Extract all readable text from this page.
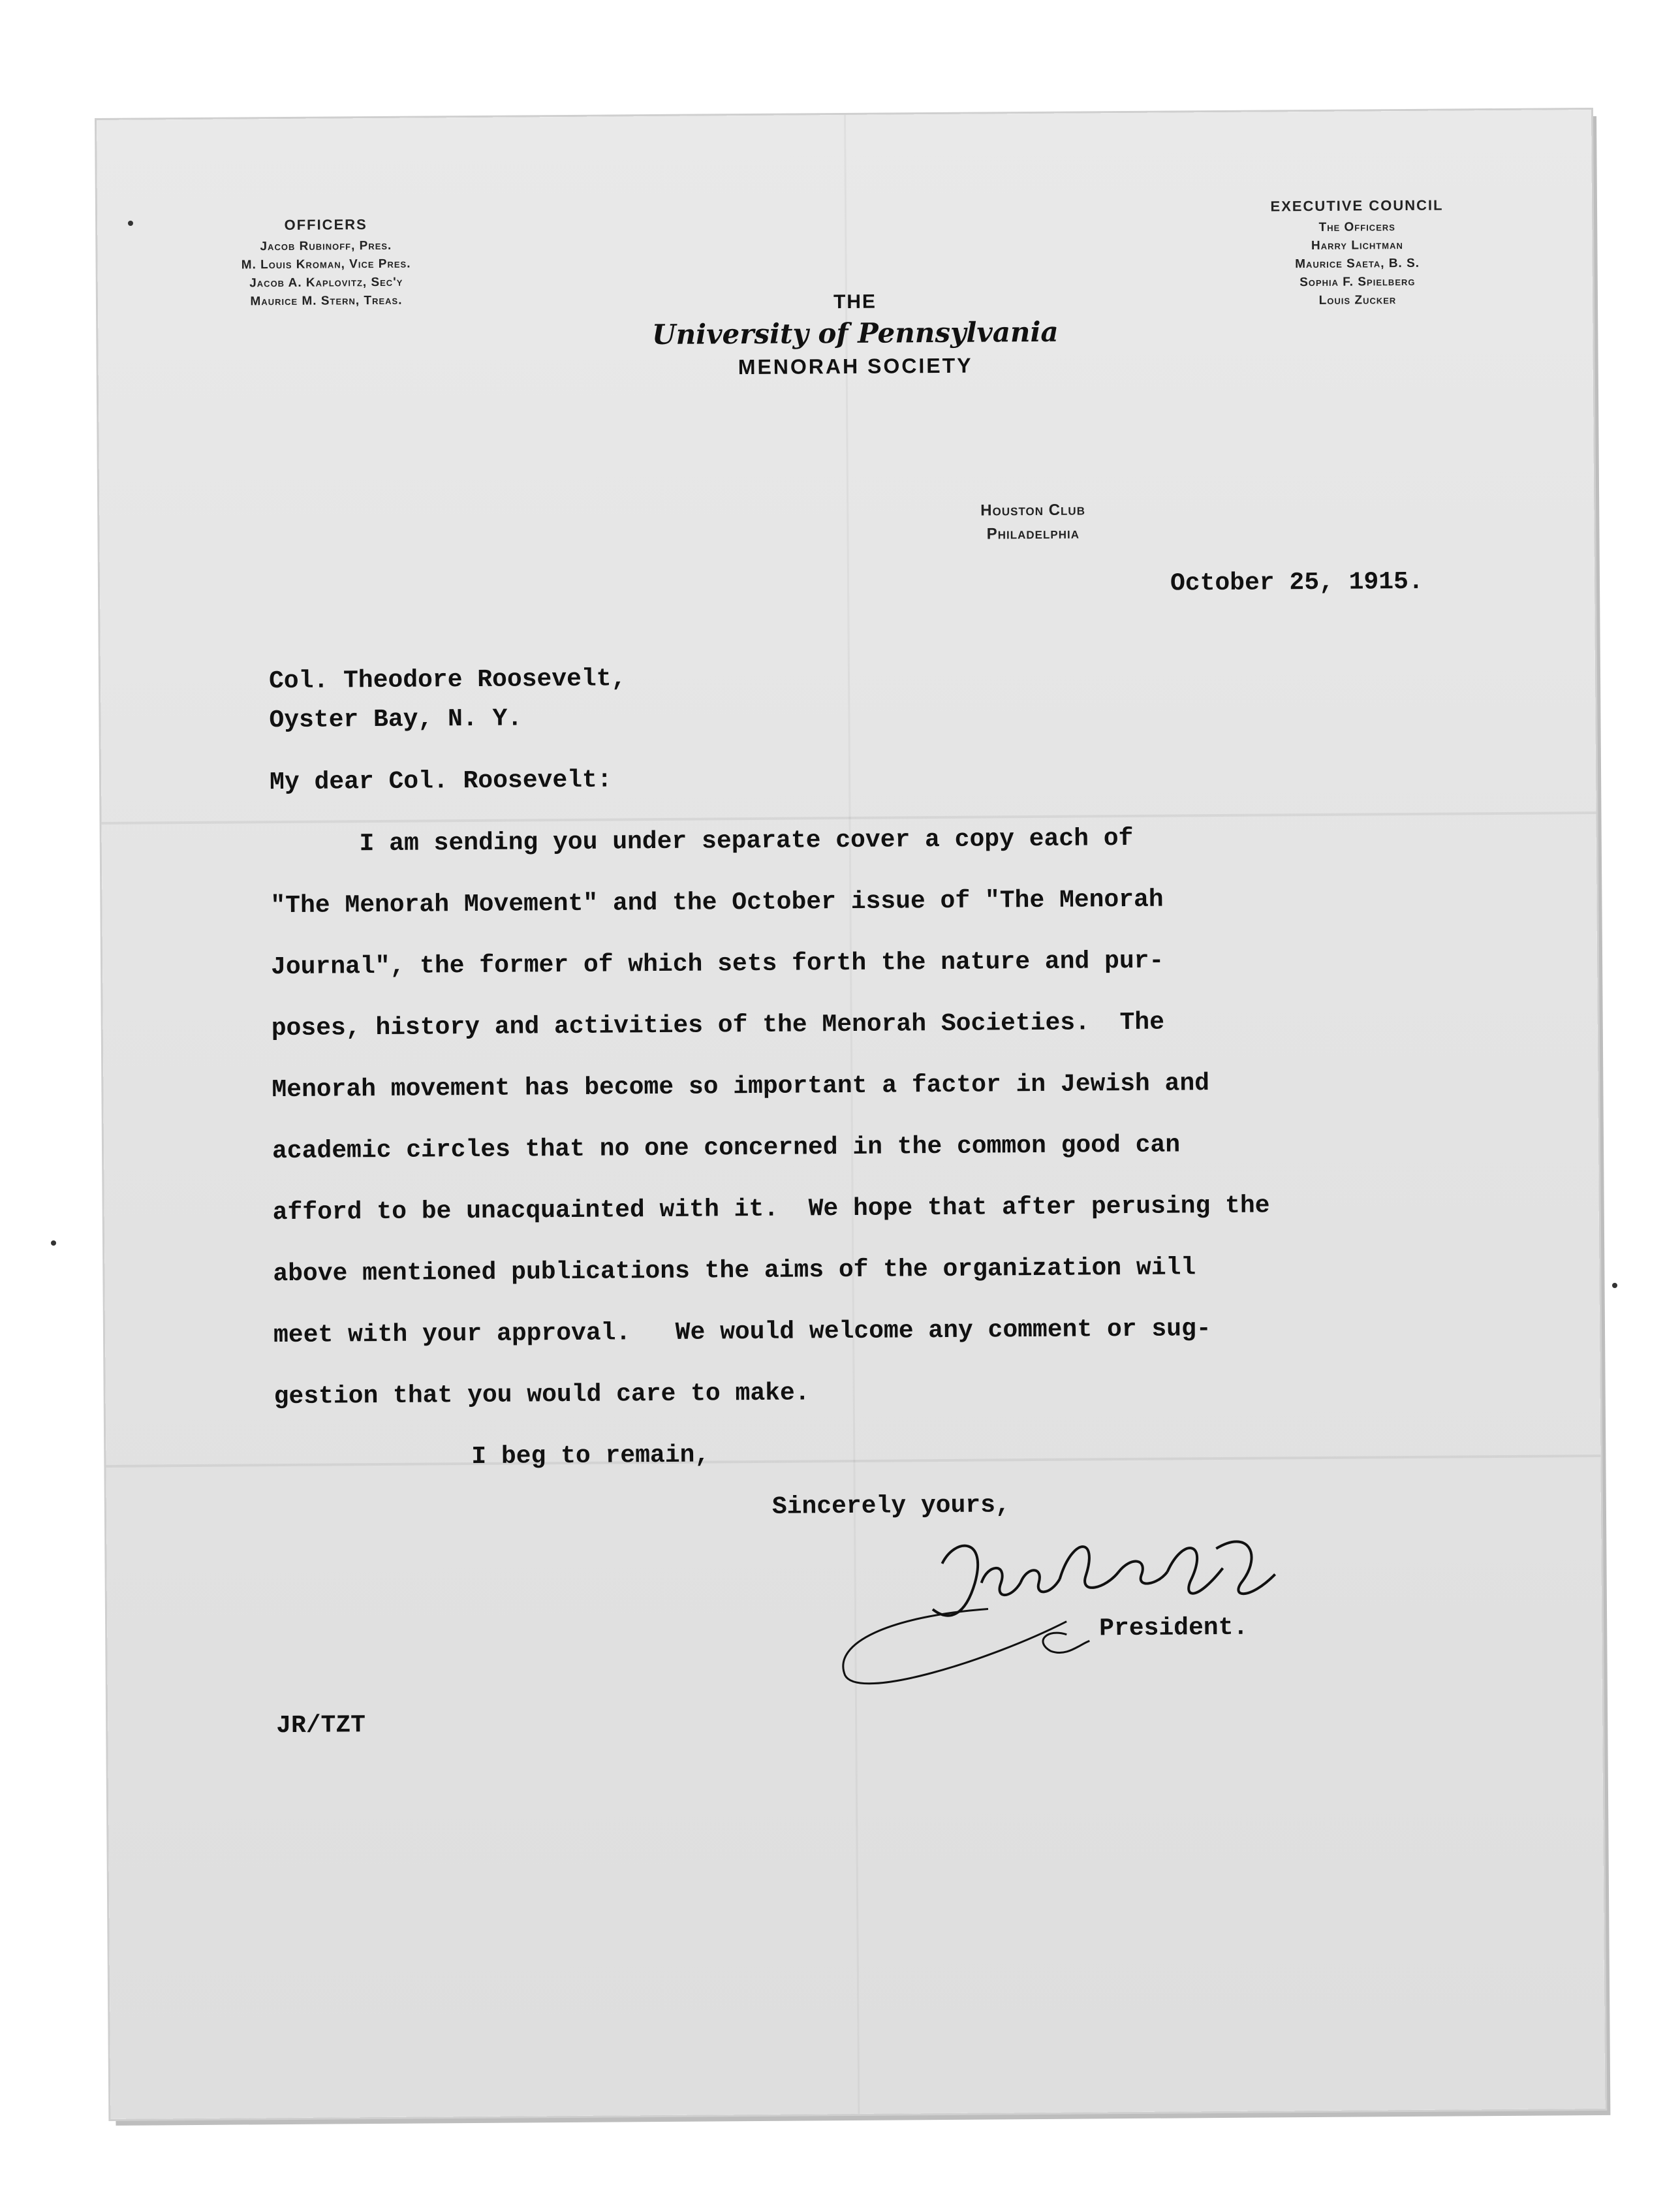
OFFICERS
Jacob Rubinoff, Pres.
M. Louis Kroman, Vice Pres.
Jacob A. Kaplovitz, Sec'y
Maurice M. Stern, Treas.
EXECUTIVE COUNCIL
The Officers
Harry Lichtman
Maurice Saeta, B. S.
Sophia F. Spielberg
Louis Zucker
THE
University of Pennsylvania
MENORAH SOCIETY
Houston Club
Philadelphia
October 25, 1915.
Col. Theodore Roosevelt,
Oyster Bay, N. Y.
My dear Col. Roosevelt:
I am sending you under separate cover a copy each of
"The Menorah Movement" and the October issue of "The Menorah
Journal", the former of which sets forth the nature and pur-
poses, history and activities of the Menorah Societies.  The
Menorah movement has become so important a factor in Jewish and
academic circles that no one concerned in the common good can
afford to be unacquainted with it.  We hope that after perusing the
above mentioned publications the aims of the organization will
meet with your approval.   We would welcome any comment or sug-
gestion that you would care to make.
I beg to remain,
Sincerely yours,
President.
JR/TZT
